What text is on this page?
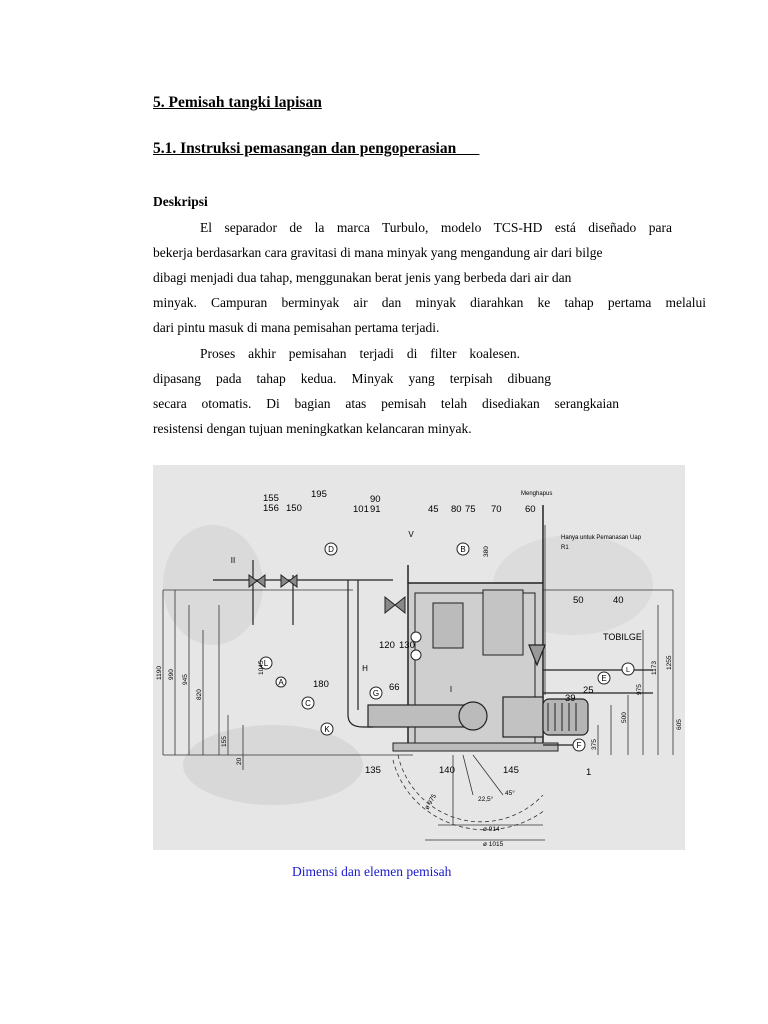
5. Pemisah tangki lapisan

5.1. Instruksi pemasangan dan pengoperasian

Deskripsi

El separador de la marca Turbulo, modelo TCS-HD está diseñado para

bekerja berdasarkan cara gravitasi di mana minyak yang mengandung air dari bilge

dibagi menjadi dua tahap, menggunakan berat jenis yang berbeda dari air dan

minyak. Campuran berminyak air dan minyak diarahkan ke tahap pertama melalui

dari pintu masuk di mana pemisahan pertama terjadi.

Proses akhir pemisahan terjadi di filter koalesen.

dipasang pada tahap kedua. Minyak yang terpisah dibuang

secara otomatis. Di bagian atas pemisah telah disediakan serangkaian

resistensi dengan tujuan meningkatkan kelancaran minyak.

D	B
V
II
L
A
C
K
G
H
E
F
I
L
155
156 150
195	90
101 91	45 80 75 70 60
50	40
120 130
66
180
135	140	145
39
25
1
Menghapus
Hanya untuk Pemanasan Uap
R1
TOBILGE
1190 990 945
820
1045
155
20
380
1255
1173
975
500
605
375
ø 975	22,5°
45°
ø 914
ø 1015

Dimensi dan elemen pemisah
